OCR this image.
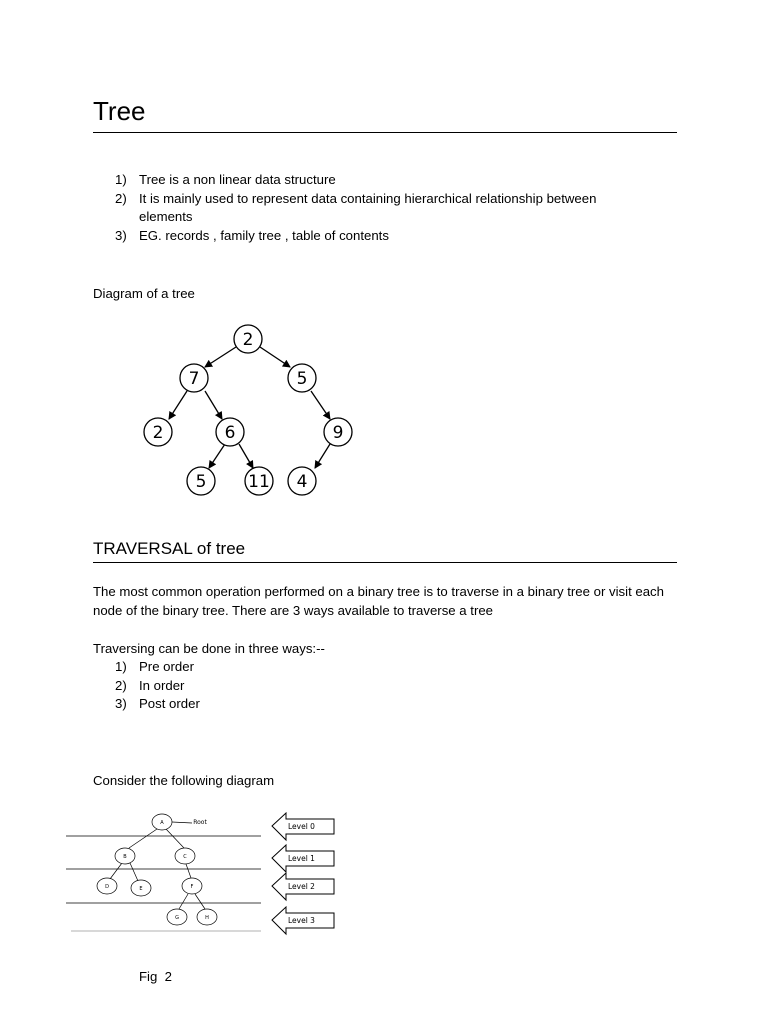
Tree
1) Tree is a non linear data structure
2) It is mainly used to represent data containing hierarchical relationship between elements
3) EG. records , family tree , table of contents
Diagram of a tree
2
7	5
2	6	9
5 11 4
TRAVERSAL of tree
The most common operation performed on a binary tree is to traverse in a binary tree or visit each node of the binary tree. There are 3 ways available to traverse a tree
Traversing can be done in three ways:--
1) Pre order
2) In order
3) Post order
Consider the following diagram
A
B	C
D	E	F
G	H
Root	Level 0
Level 1
Level 2
Level 3
Fig  2
